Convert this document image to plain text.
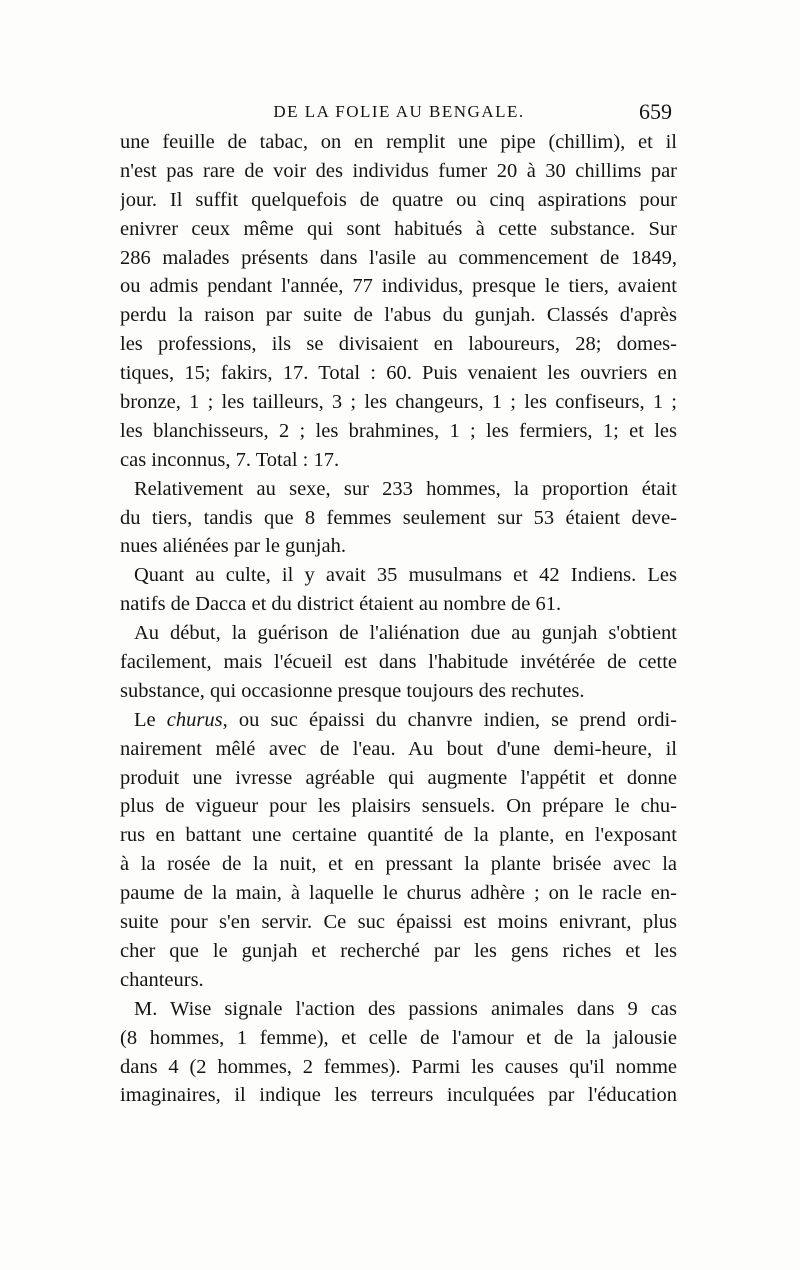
DE LA FOLIE AU BENGALE.	659
une feuille de tabac, on en remplit une pipe (chillim), et il
n'est pas rare de voir des individus fumer 20 à 30 chillims par
jour. Il suffit quelquefois de quatre ou cinq aspirations pour
enivrer ceux même qui sont habitués à cette substance. Sur
286 malades présents dans l'asile au commencement de 1849,
ou admis pendant l'année, 77 individus, presque le tiers, avaient
perdu la raison par suite de l'abus du gunjah. Classés d'après
les professions, ils se divisaient en laboureurs, 28; domes-
tiques, 15; fakirs, 17. Total : 60. Puis venaient les ouvriers en
bronze, 1 ; les tailleurs, 3 ; les changeurs, 1 ; les confiseurs, 1 ;
les blanchisseurs, 2 ; les brahmines, 1 ; les fermiers, 1; et les
cas inconnus, 7. Total : 17.
Relativement au sexe, sur 233 hommes, la proportion était
du tiers, tandis que 8 femmes seulement sur 53 étaient deve-
nues aliénées par le gunjah.
Quant au culte, il y avait 35 musulmans et 42 Indiens. Les
natifs de Dacca et du district étaient au nombre de 61.
Au début, la guérison de l'aliénation due au gunjah s'obtient
facilement, mais l'écueil est dans l'habitude invétérée de cette
substance, qui occasionne presque toujours des rechutes.
Le churus, ou suc épaissi du chanvre indien, se prend ordi-
nairement mêlé avec de l'eau. Au bout d'une demi-heure, il
produit une ivresse agréable qui augmente l'appétit et donne
plus de vigueur pour les plaisirs sensuels. On prépare le chu-
rus en battant une certaine quantité de la plante, en l'exposant
à la rosée de la nuit, et en pressant la plante brisée avec la
paume de la main, à laquelle le churus adhère ; on le racle en-
suite pour s'en servir. Ce suc épaissi est moins enivrant, plus
cher que le gunjah et recherché par les gens riches et les
chanteurs.
M. Wise signale l'action des passions animales dans 9 cas
(8 hommes, 1 femme), et celle de l'amour et de la jalousie
dans 4 (2 hommes, 2 femmes). Parmi les causes qu'il nomme
imaginaires, il indique les terreurs inculquées par l'éducation
